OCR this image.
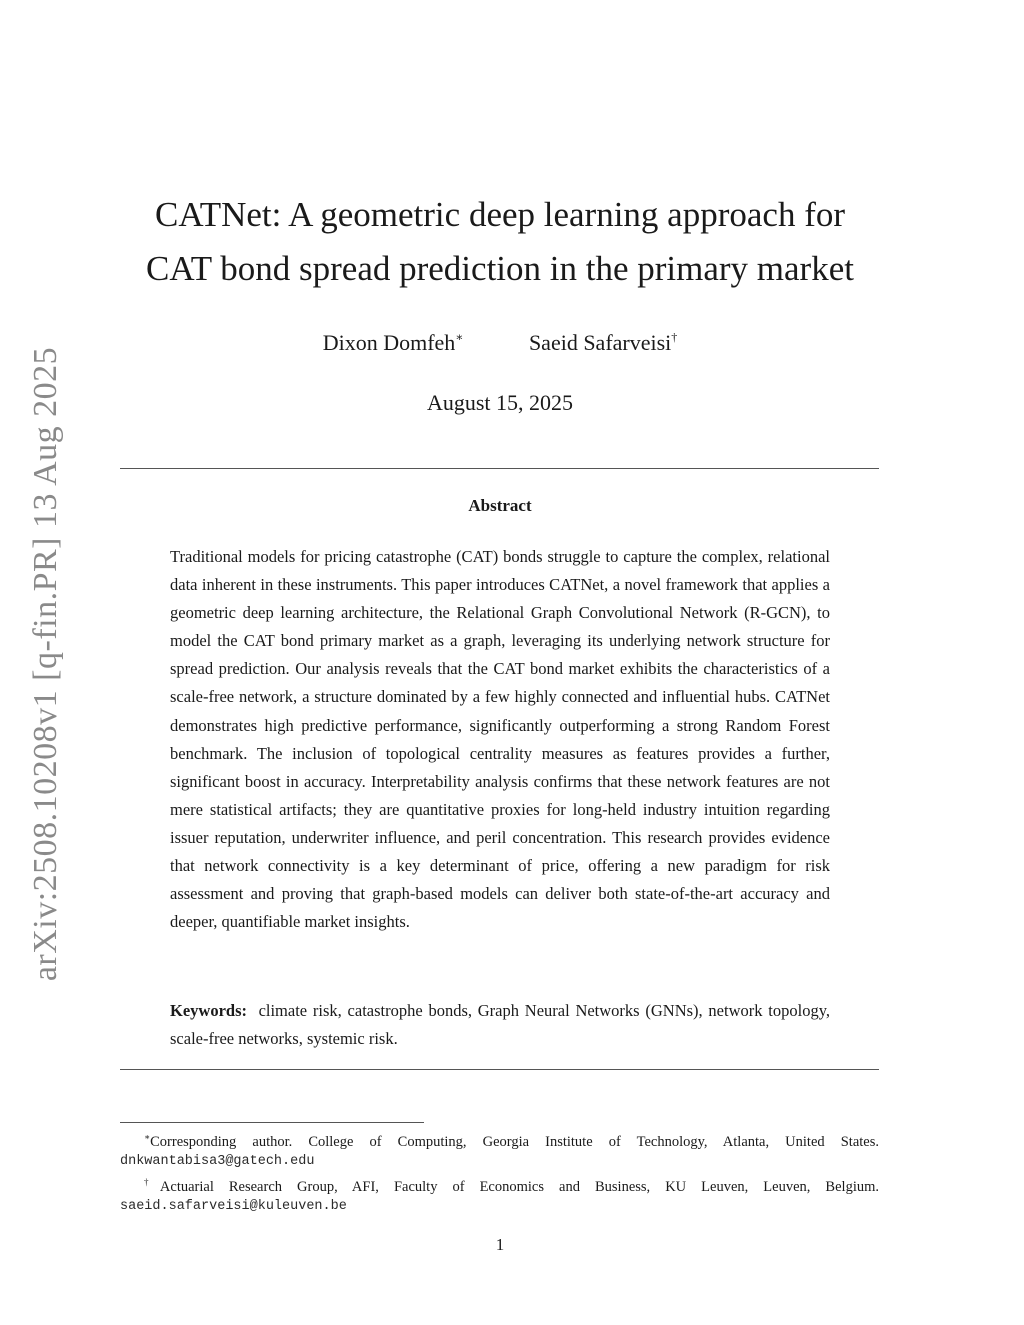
arXiv:2508.10208v1 [q-fin.PR] 13 Aug 2025
CATNet: A geometric deep learning approach for
CAT bond spread prediction in the primary market
Dixon Domfeh∗	Saeid Safarveisi†
August 15, 2025
Abstract

Traditional models for pricing catastrophe (CAT) bonds struggle to capture the complex, relational data inherent in these instruments. This paper introduces CATNet, a novel framework that applies a geometric deep learning architecture, the Relational Graph Convolutional Network (R-GCN), to model the CAT bond primary market as a graph, leveraging its underlying network structure for spread prediction. Our analysis reveals that the CAT bond market exhibits the characteristics of a scale-free network, a structure dominated by a few highly connected and influential hubs. CATNet demonstrates high predictive performance, significantly outperforming a strong Random Forest benchmark. The inclusion of topological centrality measures as features provides a further, significant boost in accuracy. Interpretability analysis confirms that these network features are not mere statistical artifacts; they are quantitative proxies for long-held industry intuition regarding issuer reputation, underwriter influence, and peril concentration. This research provides evidence that network connectivity is a key determinant of price, offering a new paradigm for risk assessment and proving that graph-based models can deliver both state-of-the-art accuracy and deeper, quantifiable market insights.

Keywords: climate risk, catastrophe bonds, Graph Neural Networks (GNNs), network topology, scale-free networks, systemic risk.

∗Corresponding author. College of Computing, Georgia Institute of Technology, Atlanta, United States.
dnkwantabisa3@gatech.edu
†Actuarial Research Group, AFI, Faculty of Economics and Business, KU Leuven, Leuven, Belgium.
saeid.safarveisi@kuleuven.be
1
